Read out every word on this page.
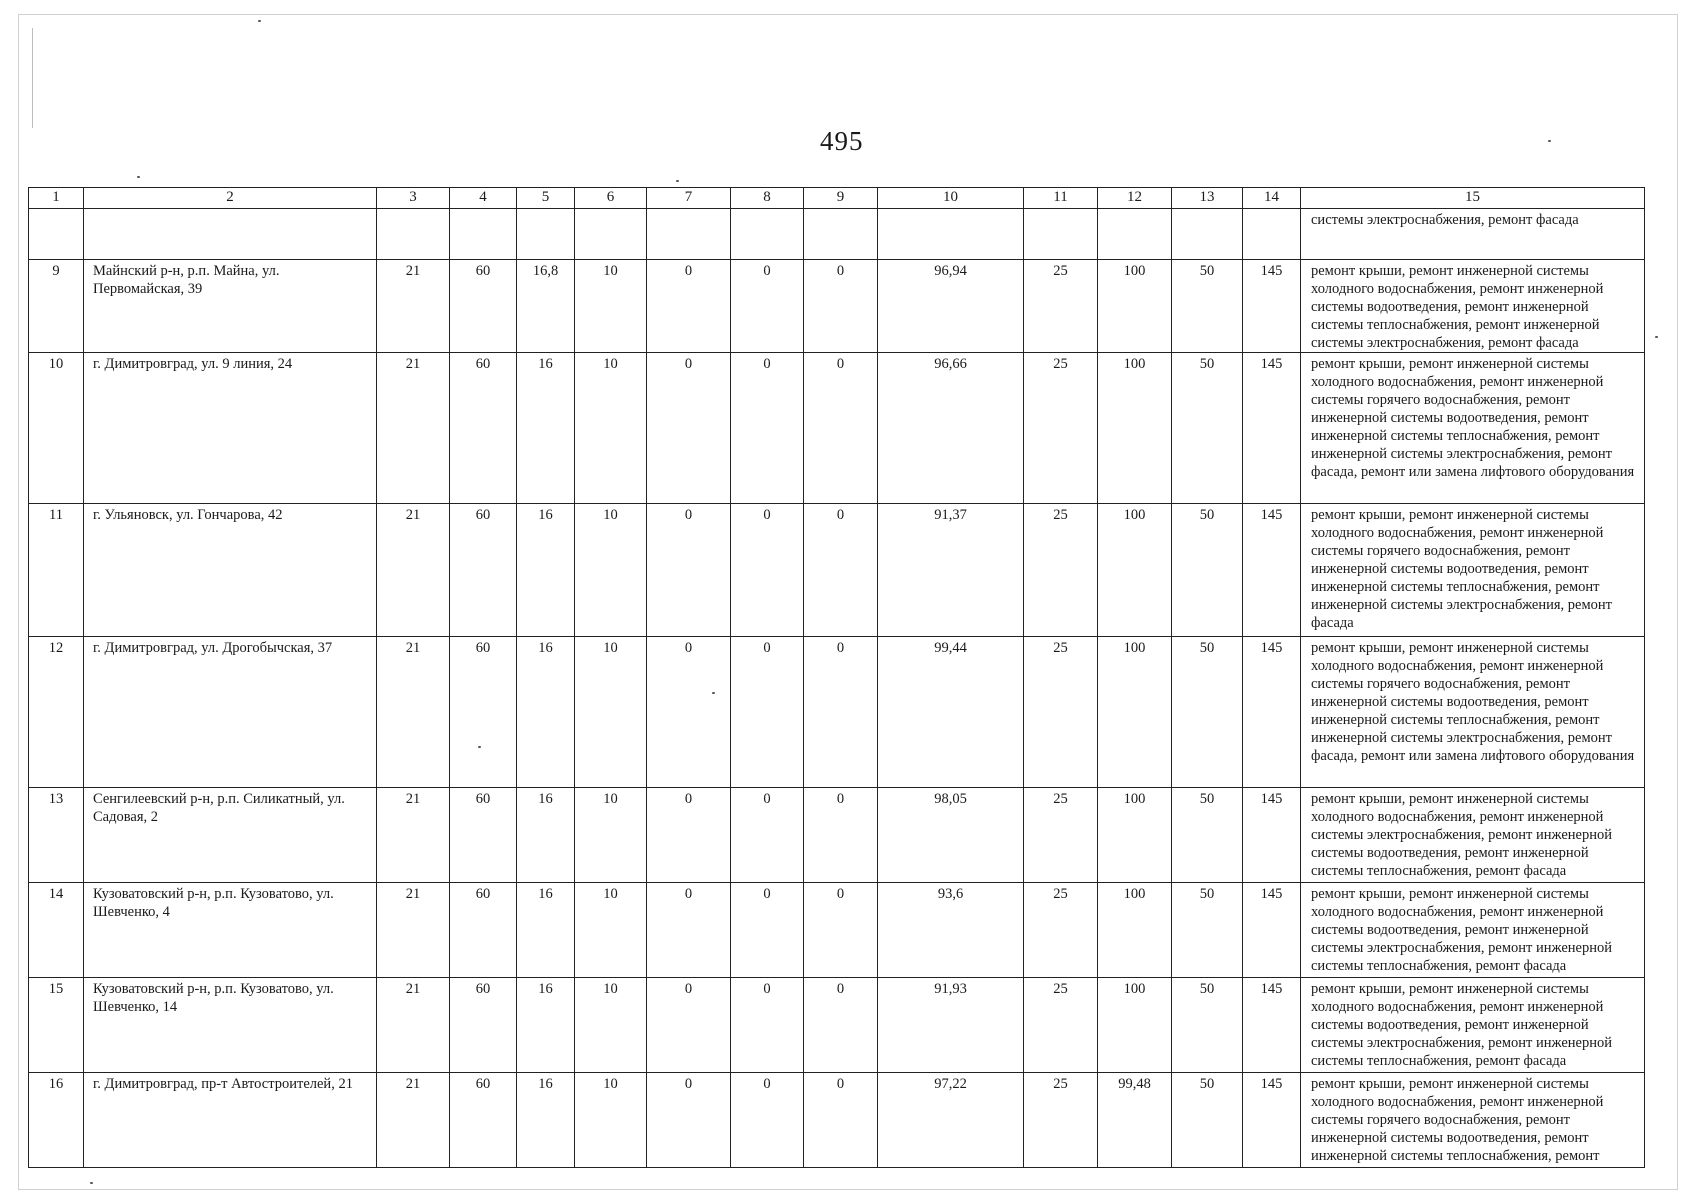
495
1	2	3	4	5	6	7	8	9	10	11	12	13	14	15
														системы электроснабжения, ремонт фасада
9	Майнский р-н, р.п. Майна, ул. Первомайская, 39	21	60	16,8	10	0	0	0	96,94	25	100	50	145	ремонт крыши, ремонт инженерной системы холодного водоснабжения, ремонт инженерной системы водоотведения, ремонт инженерной системы теплоснабжения, ремонт инженерной системы электроснабжения, ремонт фасада
10	г. Димитровград, ул. 9 линия, 24	21	60	16	10	0	0	0	96,66	25	100	50	145	ремонт крыши, ремонт инженерной системы холодного водоснабжения, ремонт инженерной системы горячего водоснабжения, ремонт инженерной системы водоотведения, ремонт инженерной системы теплоснабжения, ремонт инженерной системы электроснабжения, ремонт фасада, ремонт или замена лифтового оборудования
11	г. Ульяновск, ул. Гончарова, 42	21	60	16	10	0	0	0	91,37	25	100	50	145	ремонт крыши, ремонт инженерной системы холодного водоснабжения, ремонт инженерной системы горячего водоснабжения, ремонт инженерной системы водоотведения, ремонт инженерной системы теплоснабжения, ремонт инженерной системы электроснабжения, ремонт фасада
12	г. Димитровград, ул. Дрогобычская, 37	21	60	16	10	0	0	0	99,44	25	100	50	145	ремонт крыши, ремонт инженерной системы холодного водоснабжения, ремонт инженерной системы горячего водоснабжения, ремонт инженерной системы водоотведения, ремонт инженерной системы теплоснабжения, ремонт инженерной системы электроснабжения, ремонт фасада, ремонт или замена лифтового оборудования
13	Сенгилеевский р-н, р.п. Силикатный, ул. Садовая, 2	21	60	16	10	0	0	0	98,05	25	100	50	145	ремонт крыши, ремонт инженерной системы холодного водоснабжения, ремонт инженерной системы электроснабжения, ремонт инженерной системы водоотведения, ремонт инженерной системы теплоснабжения, ремонт фасада
14	Кузоватовский р-н, р.п. Кузоватово, ул. Шевченко, 4	21	60	16	10	0	0	0	93,6	25	100	50	145	ремонт крыши, ремонт инженерной системы холодного водоснабжения, ремонт инженерной системы водоотведения, ремонт инженерной системы электроснабжения, ремонт инженерной системы теплоснабжения, ремонт фасада
15	Кузоватовский р-н, р.п. Кузоватово, ул. Шевченко, 14	21	60	16	10	0	0	0	91,93	25	100	50	145	ремонт крыши, ремонт инженерной системы холодного водоснабжения, ремонт инженерной системы водоотведения, ремонт инженерной системы электроснабжения, ремонт инженерной системы теплоснабжения, ремонт фасада
16	г. Димитровград, пр-т Автостроителей, 21	21	60	16	10	0	0	0	97,22	25	99,48	50	145	ремонт крыши, ремонт инженерной системы холодного водоснабжения, ремонт инженерной системы горячего водоснабжения, ремонт инженерной системы водоотведения, ремонт инженерной системы теплоснабжения, ремонт
